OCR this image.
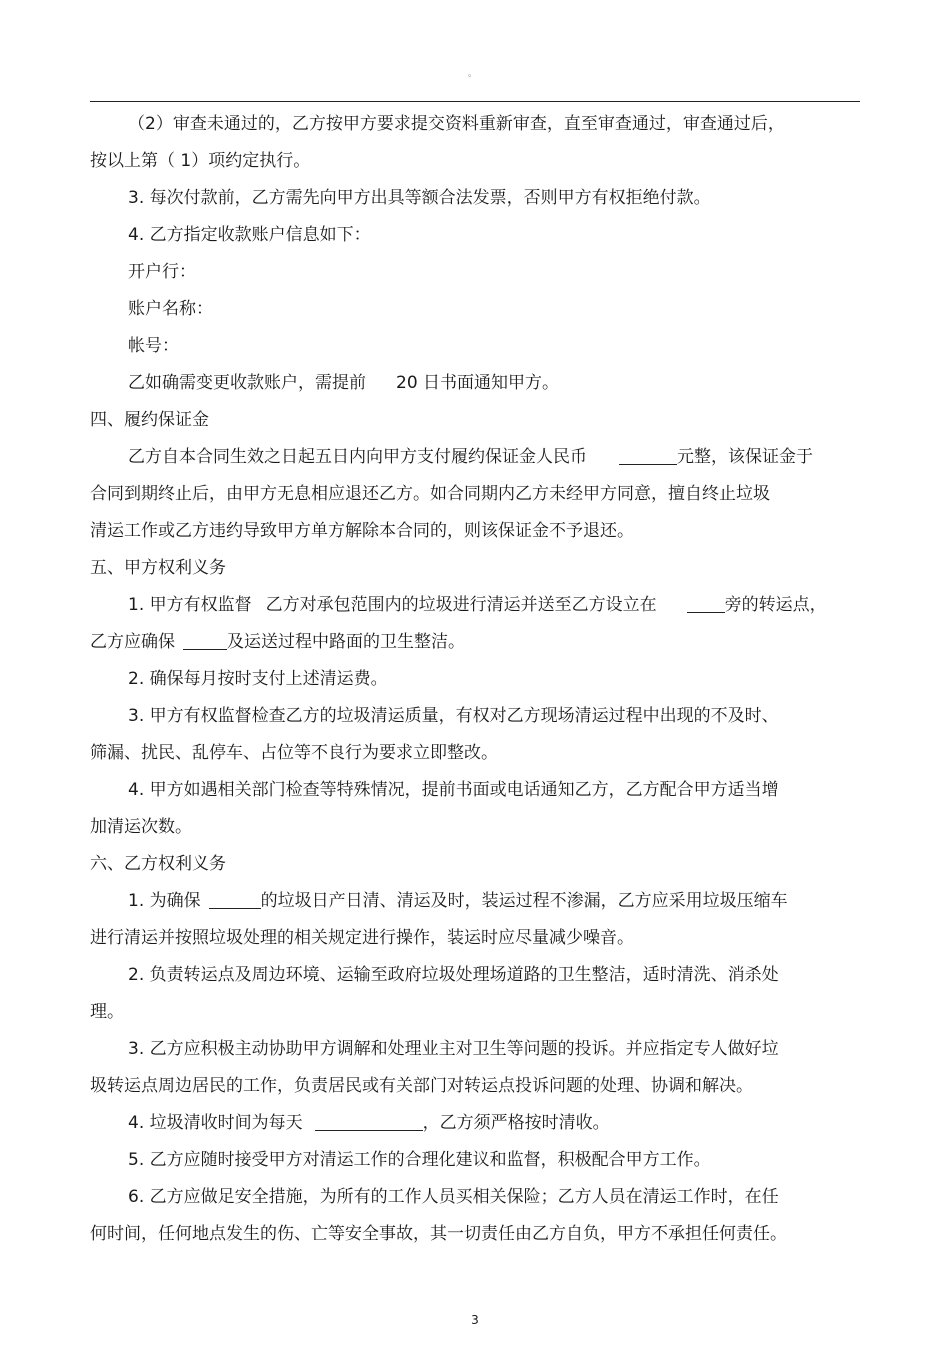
。
（2）审查未通过的，乙方按甲方要求提交资料重新审查，直至审查通过，审查通过后，
按以上第（ 1）项约定执行。
3. 每次付款前，乙方需先向甲方出具等额合法发票，否则甲方有权拒绝付款。
4. 乙方指定收款账户信息如下：
开户行：
账户名称：
帐号：
乙如确需变更收款账户，需提前 20 日书面通知甲方。
四、履约保证金
乙方自本合同生效之日起五日内向甲方支付履约保证金人民币	元整，该保证金于
合同到期终止后，由甲方无息相应退还乙方。如合同期内乙方未经甲方同意，擅自终止垃圾
清运工作或乙方违约导致甲方单方解除本合同的，则该保证金不予退还。
五、甲方权利义务
1. 甲方有权监督 乙方对承包范围内的垃圾进行清运并送至乙方设立在	旁的转运点，
乙方应确保	及运送过程中路面的卫生整洁。
2. 确保每月按时支付上述清运费。
3. 甲方有权监督检查乙方的垃圾清运质量，有权对乙方现场清运过程中出现的不及时、
筛漏、扰民、乱停车、占位等不良行为要求立即整改。
4. 甲方如遇相关部门检查等特殊情况，提前书面或电话通知乙方，乙方配合甲方适当增
加清运次数。
六、乙方权利义务
1. 为确保	的垃圾日产日清、清运及时，装运过程不渗漏，乙方应采用垃圾压缩车
进行清运并按照垃圾处理的相关规定进行操作，装运时应尽量减少噪音。
2. 负责转运点及周边环境、运输至政府垃圾处理场道路的卫生整洁，适时清洗、消杀处
理。
3. 乙方应积极主动协助甲方调解和处理业主对卫生等问题的投诉。并应指定专人做好垃
圾转运点周边居民的工作，负责居民或有关部门对转运点投诉问题的处理、协调和解决。
4. 垃圾清收时间为每天	，乙方须严格按时清收。
5. 乙方应随时接受甲方对清运工作的合理化建议和监督，积极配合甲方工作。
6. 乙方应做足安全措施，为所有的工作人员买相关保险；乙方人员在清运工作时，在任
何时间，任何地点发生的伤、亡等安全事故，其一切责任由乙方自负，甲方不承担任何责任。
3
